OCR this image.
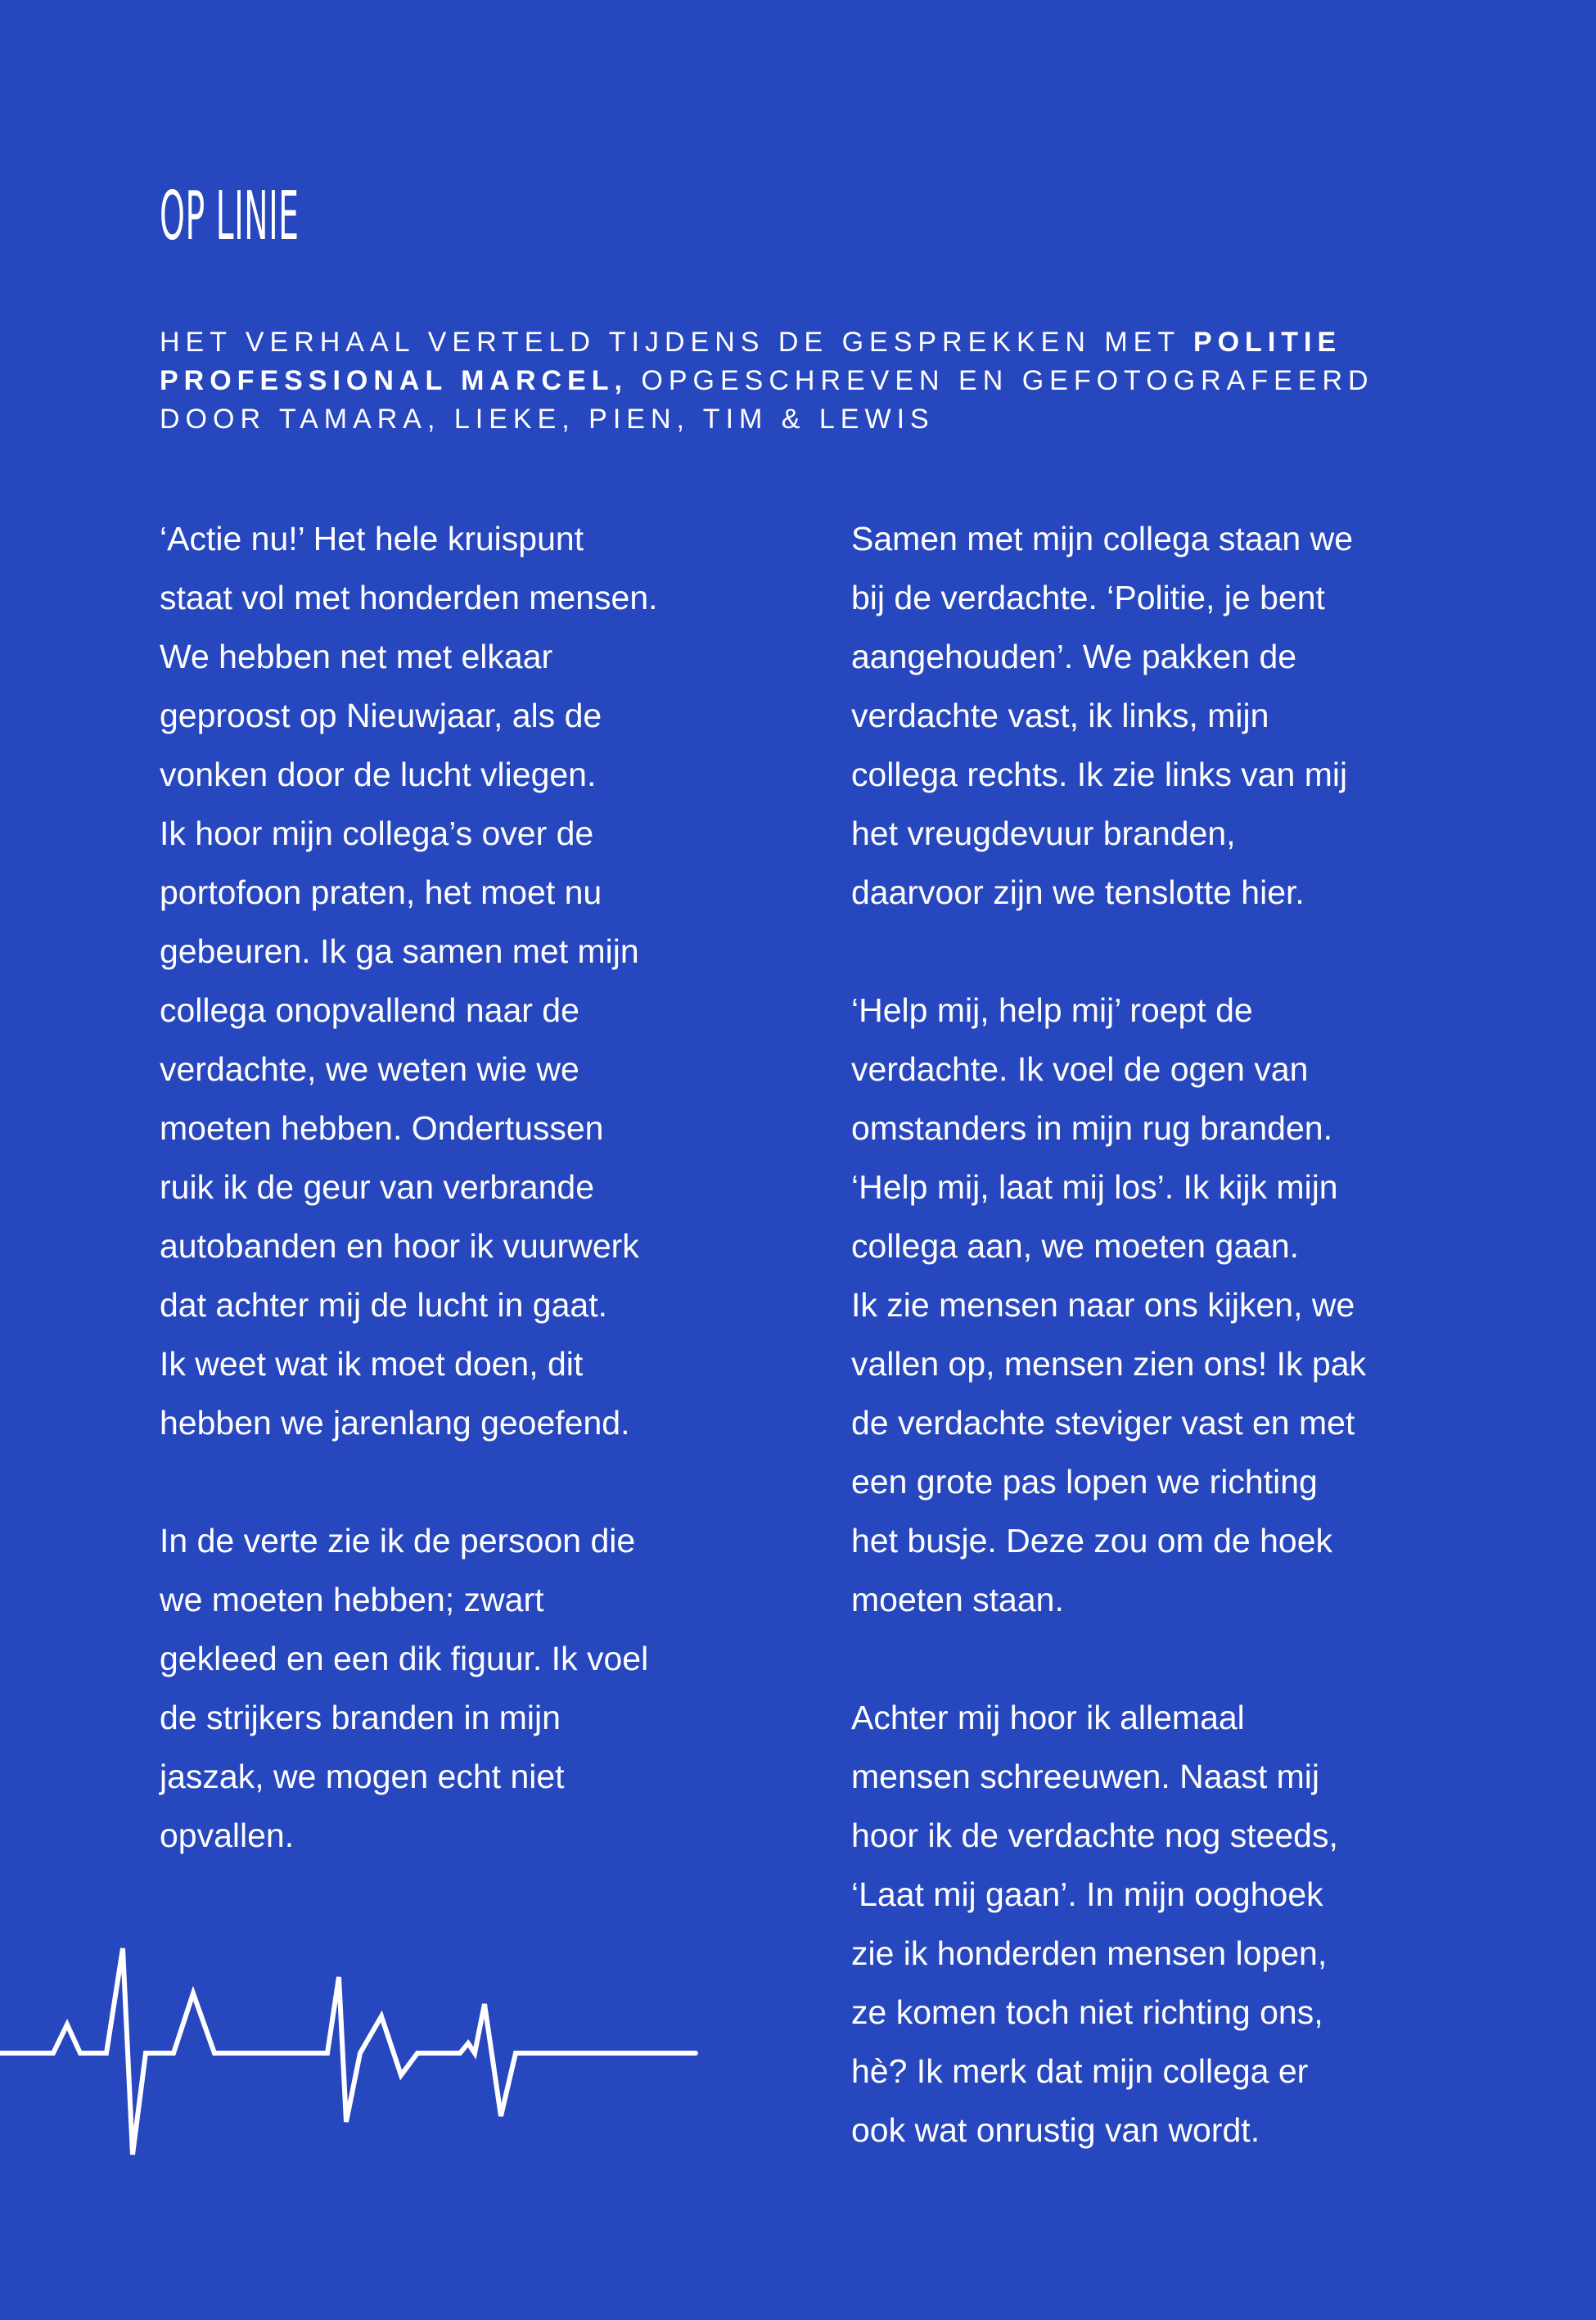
OP LINIE

HET VERHAAL VERTELD TIJDENS DE GESPREKKEN MET POLITIE
PROFESSIONAL MARCEL, OPGESCHREVEN EN GEFOTOGRAFEERD
DOOR TAMARA, LIEKE, PIEN, TIM & LEWIS

‘Actie nu!’ Het hele kruispunt
staat vol met honderden mensen.
We hebben net met elkaar
geproost op Nieuwjaar, als de
vonken door de lucht vliegen.
Ik hoor mijn collega’s over de
portofoon praten, het moet nu
gebeuren. Ik ga samen met mijn
collega onopvallend naar de
verdachte, we weten wie we
moeten hebben. Ondertussen
ruik ik de geur van verbrande
autobanden en hoor ik vuurwerk
dat achter mij de lucht in gaat.
Ik weet wat ik moet doen, dit
hebben we jarenlang geoefend.

In de verte zie ik de persoon die
we moeten hebben; zwart
gekleed en een dik figuur. Ik voel
de strijkers branden in mijn
jaszak, we mogen echt niet
opvallen.

Samen met mijn collega staan we
bij de verdachte. ‘Politie, je bent
aangehouden’. We pakken de
verdachte vast, ik links, mijn
collega rechts. Ik zie links van mij
het vreugdevuur branden,
daarvoor zijn we tenslotte hier.

‘Help mij, help mij’ roept de
verdachte. Ik voel de ogen van
omstanders in mijn rug branden.
‘Help mij, laat mij los’. Ik kijk mijn
collega aan, we moeten gaan.
Ik zie mensen naar ons kijken, we
vallen op, mensen zien ons! Ik pak
de verdachte steviger vast en met
een grote pas lopen we richting
het busje. Deze zou om de hoek
moeten staan.

Achter mij hoor ik allemaal
mensen schreeuwen. Naast mij
hoor ik de verdachte nog steeds,
‘Laat mij gaan’. In mijn ooghoek
zie ik honderden mensen lopen,
ze komen toch niet richting ons,
hè? Ik merk dat mijn collega er
ook wat onrustig van wordt.
